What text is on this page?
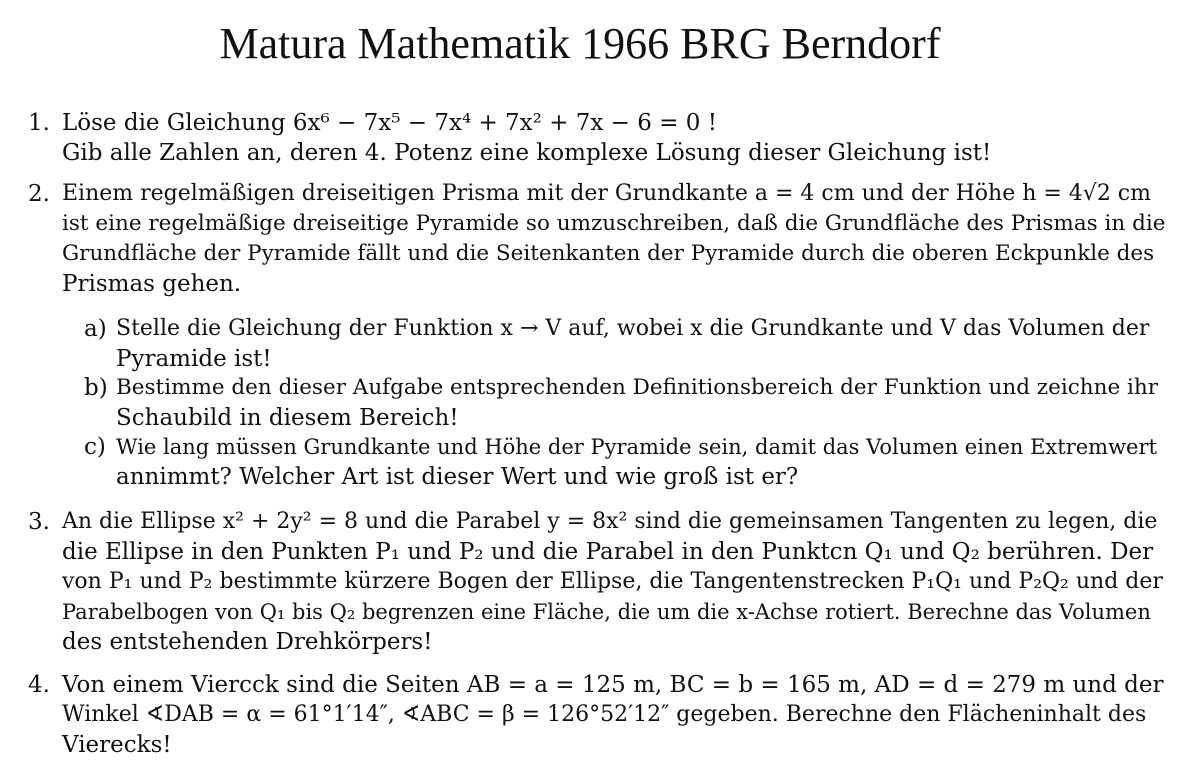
Matura Mathematik 1966 BRG Berndorf
1. Löse die Gleichung 6x⁶ − 7x⁵ − 7x⁴ + 7x² + 7x − 6 = 0 !
Gib alle Zahlen an, deren 4. Potenz eine komplexe Lösung dieser Gleichung ist!
2. Einem regelmäßigen dreiseitigen Prisma mit der Grundkante a = 4 cm und der Höhe h = 4√2 cm
ist eine regelmäßige dreiseitige Pyramide so umzuschreiben, daß die Grundfläche des Prismas in die
Grundfläche der Pyramide fällt und die Seitenkanten der Pyramide durch die oberen Eckpunkle des
Prismas gehen.
a) Stelle die Gleichung der Funktion x → V auf, wobei x die Grundkante und V das Volumen der
Pyramide ist!
b) Bestimme den dieser Aufgabe entsprechenden Definitionsbereich der Funktion und zeichne ihr
Schaubild in diesem Bereich!
c) Wie lang müssen Grundkante und Höhe der Pyramide sein, damit das Volumen einen Extremwert
annimmt? Welcher Art ist dieser Wert und wie groß ist er?
3. An die Ellipse x² + 2y² = 8 und die Parabel y = 8x² sind die gemeinsamen Tangenten zu legen, die
die Ellipse in den Punkten P₁ und P₂ und die Parabel in den Punktcn Q₁ und Q₂ berühren. Der
von P₁ und P₂ bestimmte kürzere Bogen der Ellipse, die Tangentenstrecken P₁Q₁ und P₂Q₂ und der
Parabelbogen von Q₁ bis Q₂ begrenzen eine Fläche, die um die x-Achse rotiert. Berechne das Volumen
des entstehenden Drehkörpers!
4. Von einem Vierсck sind die Seiten AB = a = 125 m, BC = b = 165 m, AD = d = 279 m und der
Winkel ∢DAB = α = 61°1′14″, ∢ABC = β = 126°52′12″ gegeben. Berechne den Flächeninhalt des
Vierecks!
